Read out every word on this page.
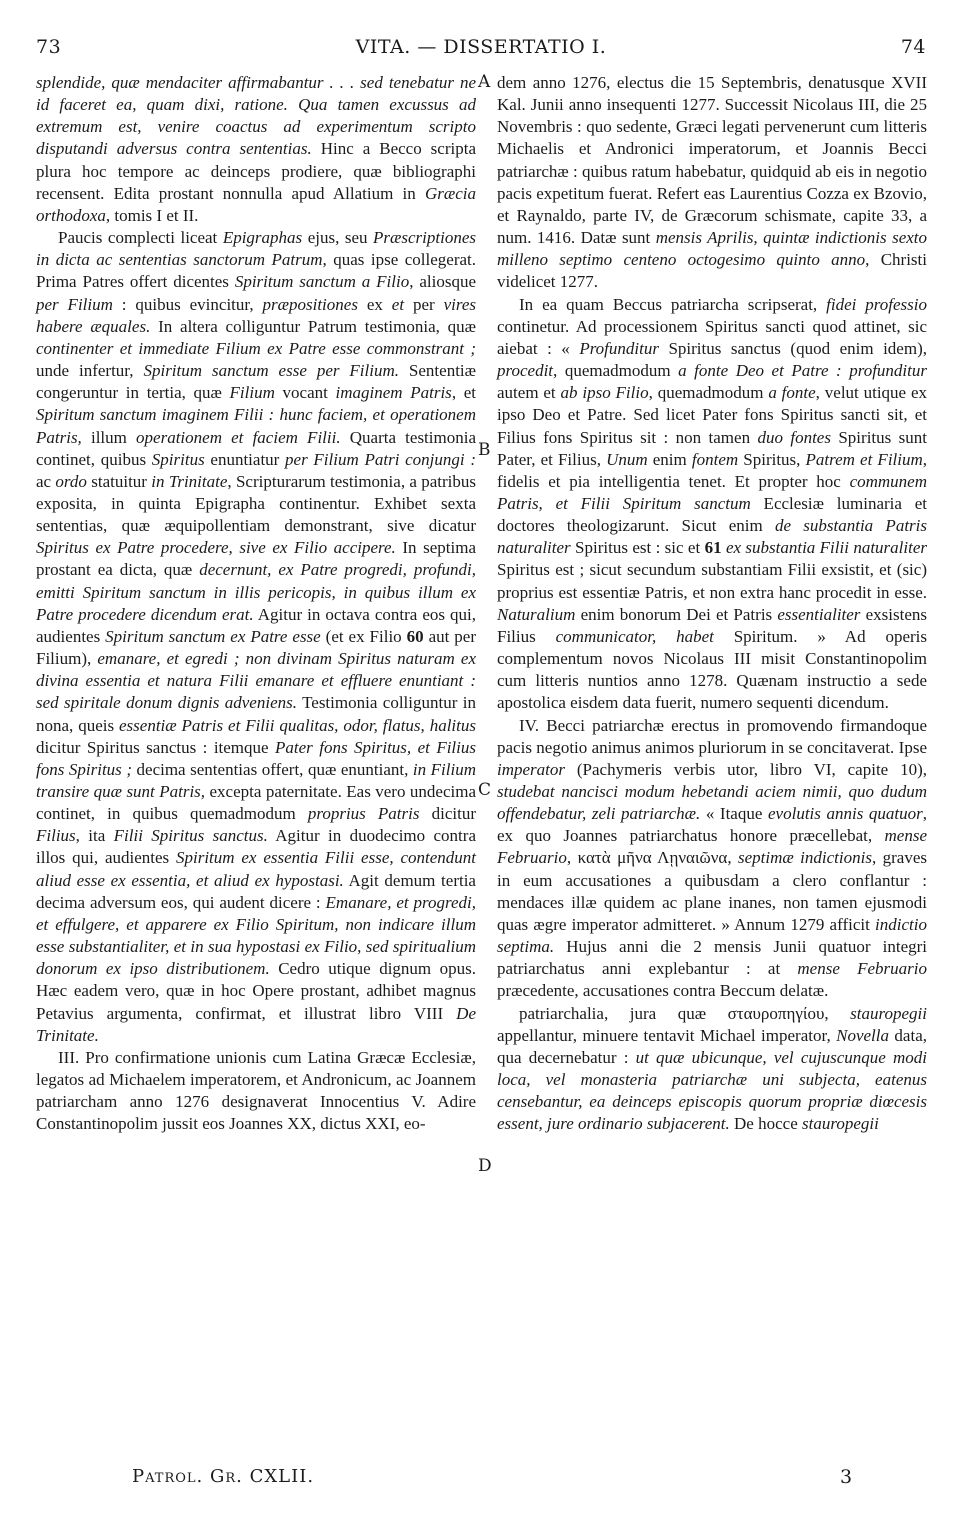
73	VITA. — DISSERTATIO I.	74

splendide, quæ mendaciter affirmabantur . . . sed tenebatur ne id faceret ea, quam dixi, ratione. Qua tamen excussus ad extremum est, venire coactus ad experimentum scripto disputandi adversus contra sententias. Hinc a Becco scripta plura hoc tempore ac deinceps prodiere, quæ bibliographi recensent. Edita prostant nonnulla apud Allatium in Græcia orthodoxa, tomis I et II.

Paucis complecti liceat Epigraphas ejus, seu Præscriptiones in dicta ac sententias sanctorum Patrum, quas ipse collegerat. Prima Patres offert dicentes Spiritum sanctum a Filio, aliosque per Filium : quibus evincitur, præpositiones ex et per vires habere æquales. In altera colliguntur Patrum testimonia, quæ continenter et immediate Filium ex Patre esse commonstrant ; unde infertur, Spiritum sanctum esse per Filium. Sententiæ congeruntur in tertia, quæ Filium vocant imaginem Patris, et Spiritum sanctum imaginem Filii : hunc faciem, et operationem Patris, illum operationem et faciem Filii. Quarta testimonia continet, quibus Spiritus enuntiatur per Filium Patri conjungi : ac ordo statuitur in Trinitate, Scripturarum testimonia, a patribus exposita, in quinta Epigrapha continentur. Exhibet sexta sententias, quæ æquipollentiam demonstrant, sive dicatur Spiritus ex Patre procedere, sive ex Filio accipere. In septima prostant ea dicta, quæ decernunt, ex Patre progredi, profundi, emitti Spiritum sanctum in illis pericopis, in quibus illum ex Patre procedere dicendum erat. Agitur in octava contra eos qui, audientes Spiritum sanctum ex Patre esse (et ex Filio 60 aut per Filium), emanare, et egredi ; non divinam Spiritus naturam ex divina essentia et natura Filii emanare et effluere enuntiant : sed spiritale donum dignis adveniens. Testimonia colliguntur in nona, queis essentiæ Patris et Filii qualitas, odor, flatus, halitus dicitur Spiritus sanctus : itemque Pater fons Spiritus, et Filius fons Spiritus ; decima sententias offert, quæ enuntiant, in Filium transire quæ sunt Patris, excepta paternitate. Eas vero undecima continet, in quibus quemadmodum proprius Patris dicitur Filius, ita Filii Spiritus sanctus. Agitur in duodecimo contra illos qui, audientes Spiritum ex essentia Filii esse, contendunt aliud esse ex essentia, et aliud ex hypostasi. Agit demum tertia decima adversum eos, qui audent dicere : Emanare, et progredi, et effulgere, et apparere ex Filio Spiritum, non indicare illum esse substantialiter, et in sua hypostasi ex Filio, sed spiritualium donorum ex ipso distributionem. Cedro utique dignum opus. Hæc eadem vero, quæ in hoc Opere prostant, adhibet magnus Petavius argumenta, confirmat, et illustrat libro VIII De Trinitate.

III. Pro confirmatione unionis cum Latina Græcæ Ecclesiæ, legatos ad Michaelem imperatorem, et Andronicum, ac Joannem patriarcham anno 1276 designaverat Innocentius V. Adire Constantinopolim jussit eos Joannes XX, dictus XXI, eo-

dem anno 1276, electus die 15 Septembris, denatusque XVII Kal. Junii anno insequenti 1277. Successit Nicolaus III, die 25 Novembris : quo sedente, Græci legati pervenerunt cum litteris Michaelis et Andronici imperatorum, et Joannis Becci patriarchæ : quibus ratum habebatur, quidquid ab eis in negotio pacis expetitum fuerat. Refert eas Laurentius Cozza ex Bzovio, et Raynaldo, parte IV, de Græcorum schismate, capite 33, a num. 1416. Datæ sunt mensis Aprilis, quintæ indictionis sexto milleno septimo centeno octogesimo quinto anno, Christi videlicet 1277.

In ea quam Beccus patriarcha scripserat, fidei professio continetur. Ad processionem Spiritus sancti quod attinet, sic aiebat : « Profunditur Spiritus sanctus (quod enim idem), procedit, quemadmodum a fonte Deo et Patre : profunditur autem et ab ipso Filio, quemadmodum a fonte, velut utique ex ipso Deo et Patre. Sed licet Pater fons Spiritus sancti sit, et Filius fons Spiritus sit : non tamen duo fontes Spiritus sunt Pater, et Filius, Unum enim fontem Spiritus, Patrem et Filium, fidelis et pia intelligentia tenet. Et propter hoc communem Patris, et Filii Spiritum sanctum Ecclesiæ luminaria et doctores theologizarunt. Sicut enim de substantia Patris naturaliter Spiritus est : sic et 61 ex substantia Filii naturaliter Spiritus est ; sicut secundum substantiam Filii exsistit, et (sic) proprius est essentiæ Patris, et non extra hanc procedit in esse. Naturalium enim bonorum Dei et Patris essentialiter exsistens Filius communicator, habet Spiritum. » Ad operis complementum novos Nicolaus III misit Constantinopolim cum litteris nuntios anno 1278. Quænam instructio a sede apostolica eisdem data fuerit, numero sequenti dicendum.

IV. Becci patriarchæ erectus in promovendo firmandoque pacis negotio animus animos pluriorum in se concitaverat. Ipse imperator (Pachymeris verbis utor, libro VI, capite 10), studebat nancisci modum hebetandi aciem nimii, quo dudum offendebatur, zeli patriarchæ. « Itaque evolutis annis quatuor, ex quo Joannes patriarchatus honore præcellebat, mense Februario, κατὰ μῆνα Λῃναιῶνα, septimæ indictionis, graves in eum accusationes a quibusdam a clero conflantur : mendaces illæ quidem ac plane inanes, non tamen ejusmodi quas ægre imperator admitteret. » Annum 1279 afficit indictio septima. Hujus anni die 2 mensis Junii quatuor integri patriarchatus anni explebantur : at mense Februario præcedente, accusationes contra Beccum delatæ.

patriarchalia, jura quæ σταυροπηγίου, stauropegii appellantur, minuere tentavit Michael imperator, Novella data, qua decernebatur : ut quæ ubicunque, vel cujuscunque modi loca, vel monasteria patriarchæ uni subjecta, eatenus censebantur, ea deinceps episcopis quorum propriæ diœcesis essent, jure ordinario subjacerent. De hocce stauropegii

A
B
C
D
Patrol. Gr. CXLII.	3
